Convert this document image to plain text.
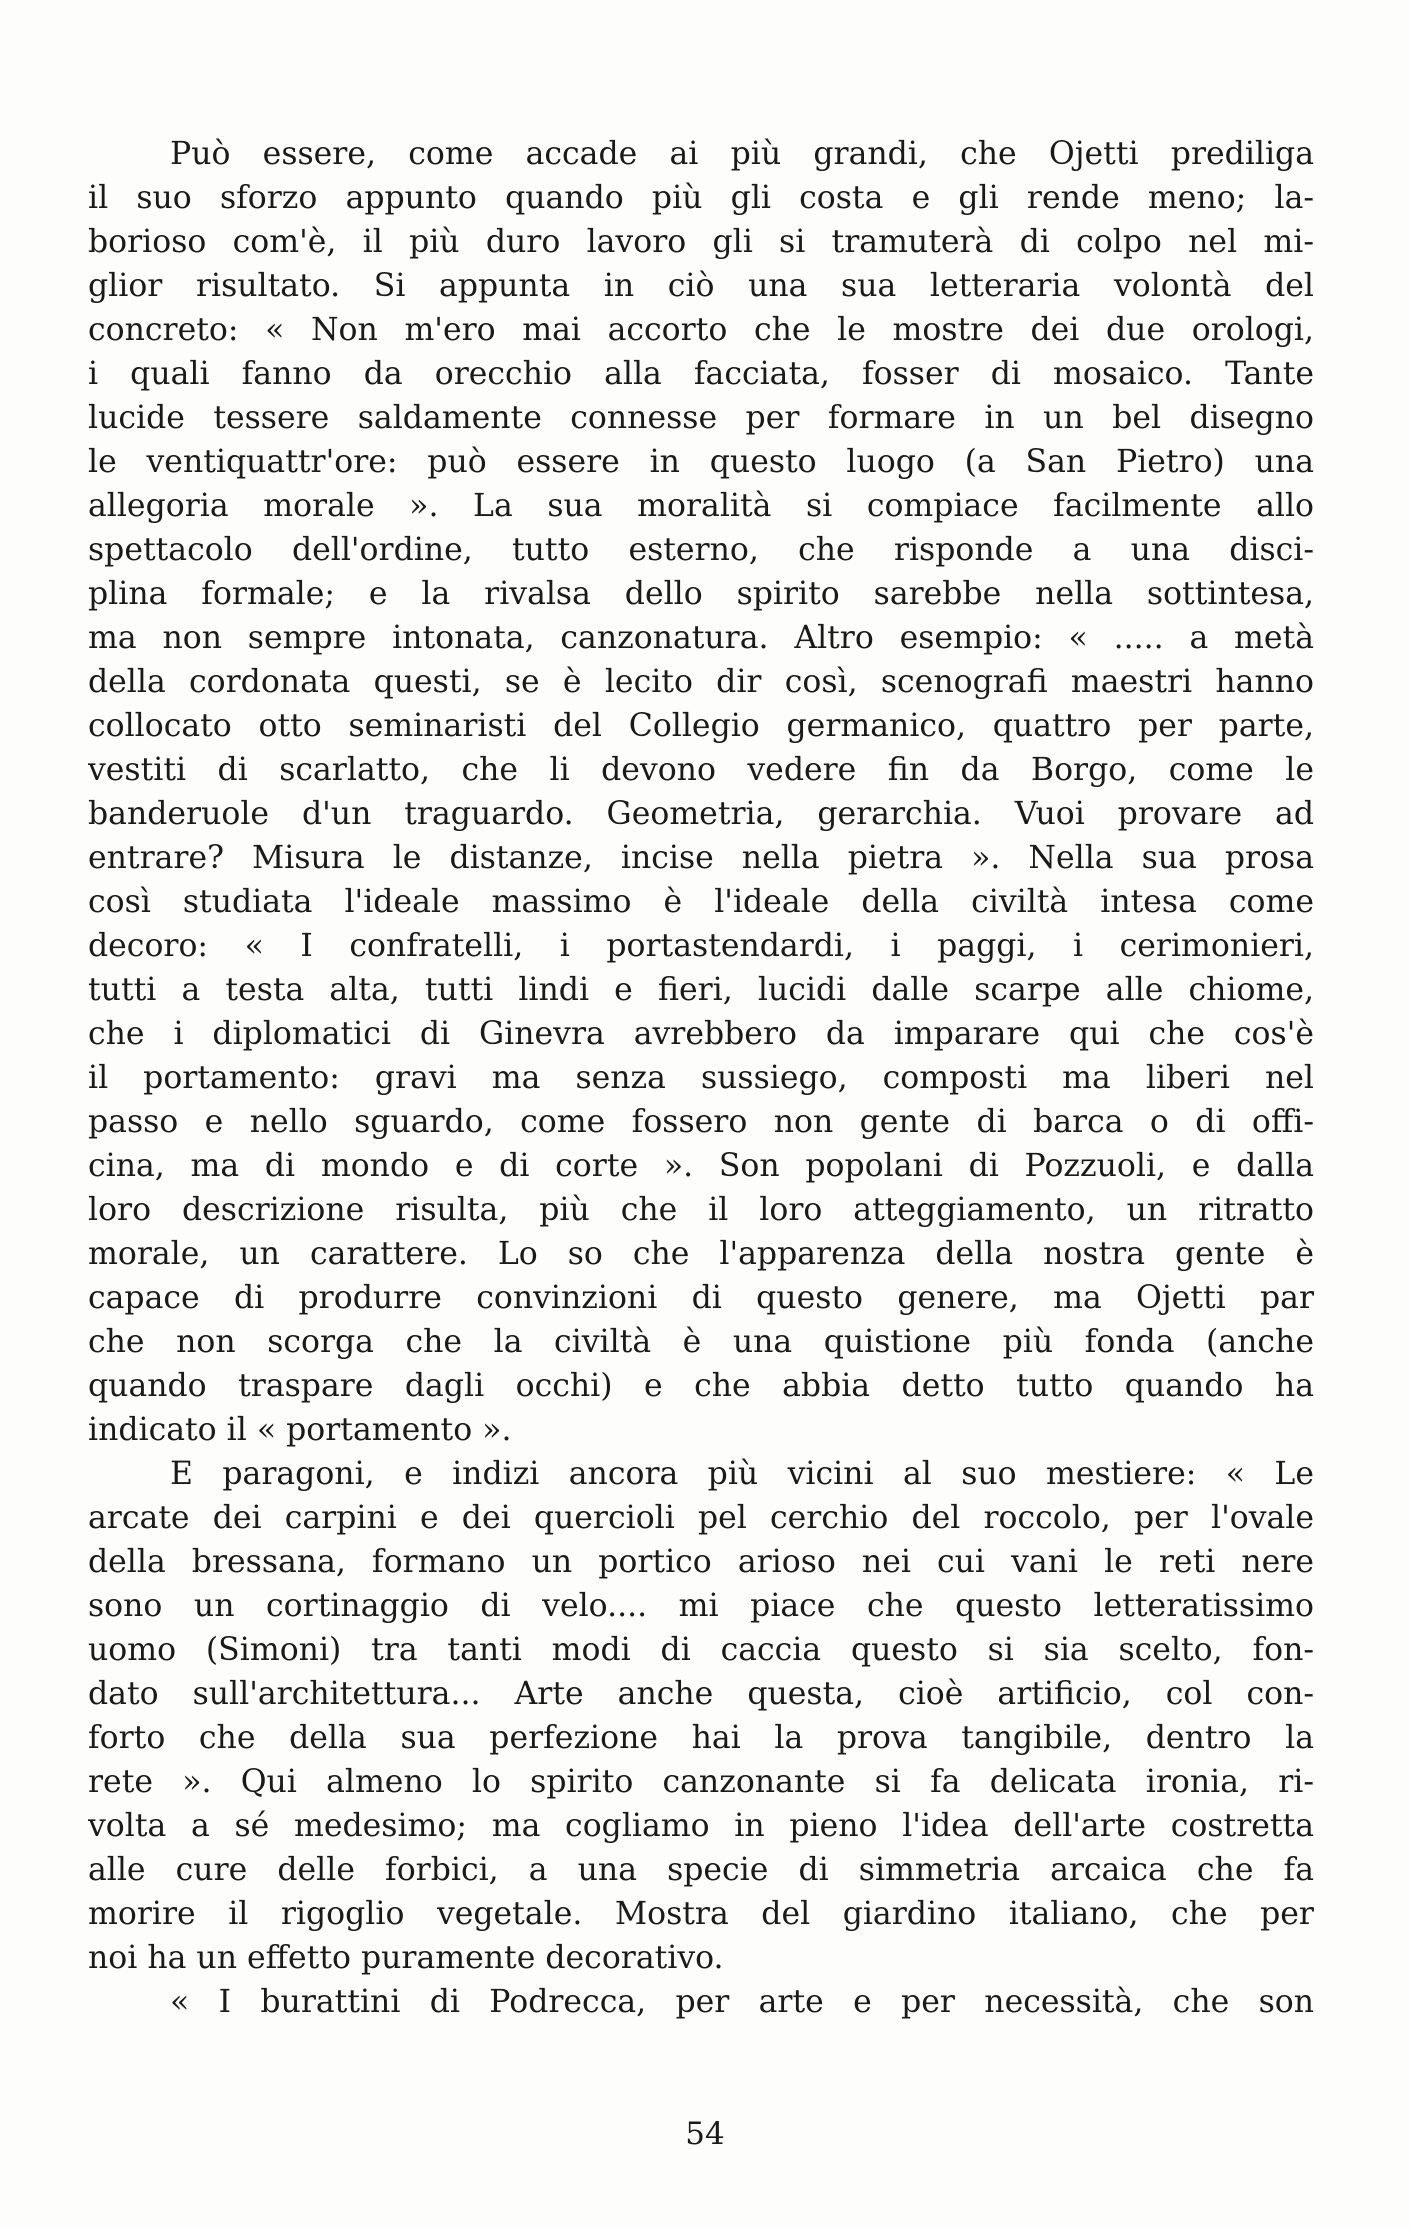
Può essere, come accade ai più grandi, che Ojetti prediliga
il suo sforzo appunto quando più gli costa e gli rende meno; la-
borioso com'è, il più duro lavoro gli si tramuterà di colpo nel mi-
glior risultato. Si appunta in ciò una sua letteraria volontà del
concreto: « Non m'ero mai accorto che le mostre dei due orologi,
i quali fanno da orecchio alla facciata, fosser di mosaico. Tante
lucide tessere saldamente connesse per formare in un bel disegno
le ventiquattr'ore: può essere in questo luogo (a San Pietro) una
allegoria morale ». La sua moralità si compiace facilmente allo
spettacolo dell'ordine, tutto esterno, che risponde a una disci-
plina formale; e la rivalsa dello spirito sarebbe nella sottintesa,
ma non sempre intonata, canzonatura. Altro esempio: « ..... a metà
della cordonata questi, se è lecito dir così, scenografi maestri hanno
collocato otto seminaristi del Collegio germanico, quattro per parte,
vestiti di scarlatto, che li devono vedere fin da Borgo, come le
banderuole d'un traguardo. Geometria, gerarchia. Vuoi provare ad
entrare? Misura le distanze, incise nella pietra ». Nella sua prosa
così studiata l'ideale massimo è l'ideale della civiltà intesa come
decoro: « I confratelli, i portastendardi, i paggi, i cerimonieri,
tutti a testa alta, tutti lindi e fieri, lucidi dalle scarpe alle chiome,
che i diplomatici di Ginevra avrebbero da imparare qui che cos'è
il portamento: gravi ma senza sussiego, composti ma liberi nel
passo e nello sguardo, come fossero non gente di barca o di offi-
cina, ma di mondo e di corte ». Son popolani di Pozzuoli, e dalla
loro descrizione risulta, più che il loro atteggiamento, un ritratto
morale, un carattere. Lo so che l'apparenza della nostra gente è
capace di produrre convinzioni di questo genere, ma Ojetti par
che non scorga che la civiltà è una quistione più fonda (anche
quando traspare dagli occhi) e che abbia detto tutto quando ha
indicato il « portamento ».
E paragoni, e indizi ancora più vicini al suo mestiere: « Le
arcate dei carpini e dei quercioli pel cerchio del roccolo, per l'ovale
della bressana, formano un portico arioso nei cui vani le reti nere
sono un cortinaggio di velo.... mi piace che questo letteratissimo
uomo (Simoni) tra tanti modi di caccia questo si sia scelto, fon-
dato sull'architettura... Arte anche questa, cioè artificio, col con-
forto che della sua perfezione hai la prova tangibile, dentro la
rete ». Qui almeno lo spirito canzonante si fa delicata ironia, ri-
volta a sé medesimo; ma cogliamo in pieno l'idea dell'arte costretta
alle cure delle forbici, a una specie di simmetria arcaica che fa
morire il rigoglio vegetale. Mostra del giardino italiano, che per
noi ha un effetto puramente decorativo.
« I burattini di Podrecca, per arte e per necessità, che son
54
